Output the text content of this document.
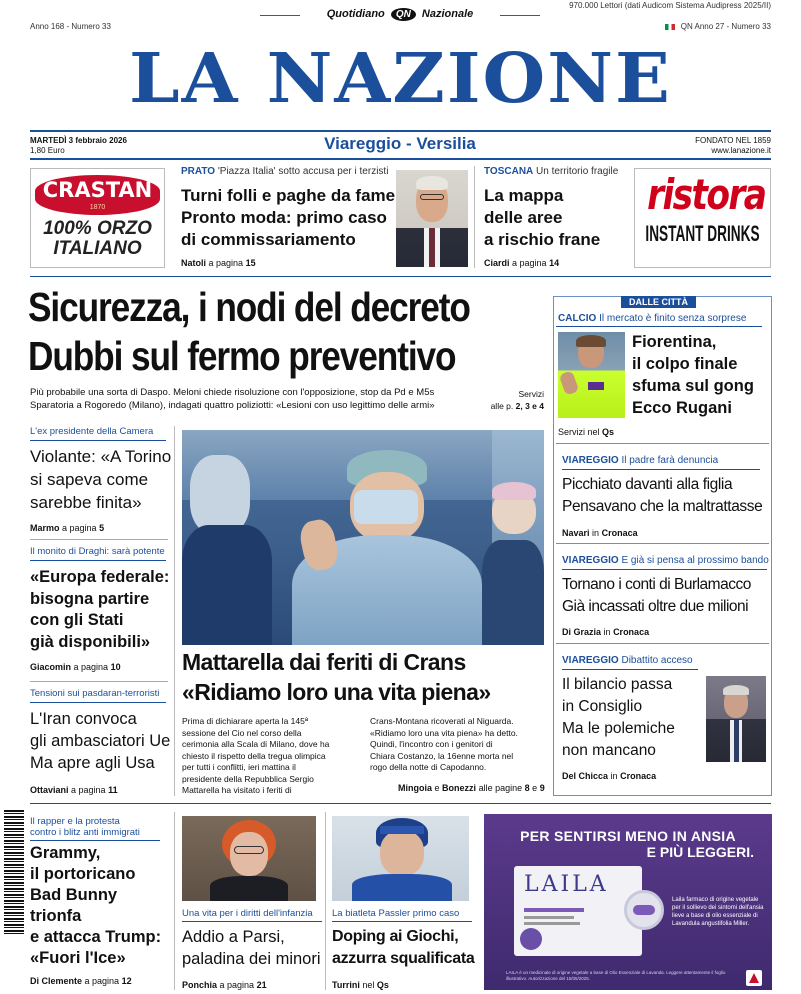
970.000 Lettori (dati Audicom Sistema Audipress 2025/II)
Anno 168 - Numero 33	QN Anno 27 - Numero 33
Quotidiano QN Nazionale
LA NAZIONE
MARTEDÌ 3 febbraio 2026
1,80 Euro	Viareggio - Versilia	FONDATO NEL 1859
www.lanazione.it
CRASTAN
1870
100% ORZO
ITALIANO
PRATO 'Piazza Italia' sotto accusa per i terzisti
Turni folli e paghe da fame
Pronto moda: primo caso
di commissariamento
Natoli a pagina 15
TOSCANA Un territorio fragile
La mappa
delle aree
a rischio frane
Ciardi a pagina 14
ristora
INSTANT DRINKS
Sicurezza, i nodi del decreto
Dubbi sul fermo preventivo
Più probabile una sorta di Daspo. Meloni chiede risoluzione con l'opposizione, stop da Pd e M5s
Sparatoria a Rogoredo (Milano), indagati quattro poliziotti: «Lesioni con uso legittimo delle armi»
Servizi
alle p. 2, 3 e 4
DALLE CITTÀ
CALCIO Il mercato è finito senza sorprese
Fiorentina,
il colpo finale
sfuma sul gong
Ecco Rugani
Servizi nel Qs
VIAREGGIO Il padre farà denuncia
Picchiato davanti alla figlia
Pensavano che la maltrattasse
Navari in Cronaca
VIAREGGIO E già si pensa al prossimo bando
Tornano i conti di Burlamacco
Già incassati oltre due milioni
Di Grazia in Cronaca
VIAREGGIO Dibattito acceso
Il bilancio passa
in Consiglio
Ma le polemiche
non mancano
Del Chicca in Cronaca
L'ex presidente della Camera
Violante: «A Torino
si sapeva come
sarebbe finita»
Marmo a pagina 5
Il monito di Draghi: sarà potente
«Europa federale:
bisogna partire
con gli Stati
già disponibili»
Giacomin a pagina 10
Tensioni sui pasdaran-terroristi
L'Iran convoca
gli ambasciatori Ue
Ma apre agli Usa
Ottaviani a pagina 11
Mattarella dai feriti di Crans
«Ridiamo loro una vita piena»
Prima di dichiarare aperta la 145ª
sessione del Cio nel corso della
cerimonia alla Scala di Milano, dove ha
chiesto il rispetto della tregua olimpica
per tutti i conflitti, ieri mattina il
presidente della Repubblica Sergio
Mattarella ha visitato i feriti di
Crans-Montana ricoverati al Niguarda.
«Ridiamo loro una vita piena» ha detto.
Quindi, l'incontro con i genitori di
Chiara Costanzo, la 16enne morta nel
rogo della notte di Capodanno.
Mingoia e Bonezzi alle pagine 8 e 9
Il rapper e la protesta
contro i blitz anti immigrati
Grammy,
il portoricano
Bad Bunny
trionfa
e attacca Trump:
«Fuori l'Ice»
Di Clemente a pagina 12
Una vita per i diritti dell'infanzia
Addio a Parsi,
paladina dei minori
Ponchia a pagina 21
La biatleta Passler primo caso
Doping ai Giochi,
azzurra squalificata
Turrini nel Qs
PER SENTIRSI MENO IN ANSIA
E PIÙ LEGGERI.
LAILA
Laila farmaco di origine vegetale per il sollievo dei sintomi dell'ansia lieve a base di olio essenziale di Lavandula angustifolia Miller.
LAILA è un medicinale di origine vegetale a base di Olio Essenziale di Lavanda. Leggere attentamente il foglio illustrativo. Autorizzazione del 15/05/2025.
